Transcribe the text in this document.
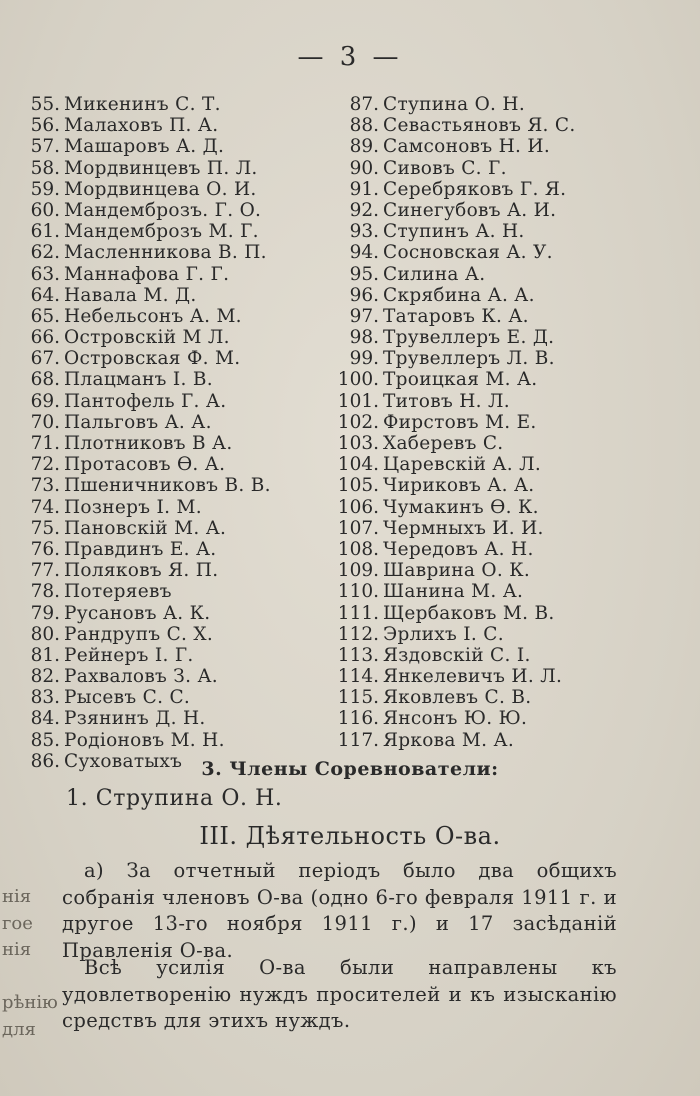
— 3 —
55. Микенинъ С. Т.
56. Малаховъ П. А.
57. Машаровъ А. Д.
58. Мордвинцевъ П. Л.
59. Мордвинцева О. И.
60. Мандемброзъ. Г. О.
61. Мандемброзъ М. Г.
62. Масленникова В. П.
63. Маннафова Г. Г.
64. Навала М. Д.
65. Небельсонъ А. М.
66. Островскій М Л.
67. Островская Ф. М.
68. Плацманъ І. В.
69. Пантофель Г. А.
70. Пальговъ А. А.
71. Плотниковъ В А.
72. Протасовъ Ѳ. А.
73. Пшеничниковъ В. В.
74. Познеръ І. М.
75. Пановскій М. А.
76. Правдинъ Е. А.
77. Поляковъ Я. П.
78. Потеряевъ
79. Русановъ А. К.
80. Рандрупъ С. Х.
81. Рейнеръ І. Г.
82. Рахваловъ З. А.
83. Рысевъ С. С.
84. Рзянинъ Д. Н.
85. Родіоновъ М. Н.
86. Суховатыхъ
87. Ступина О. Н.
88. Севастьяновъ Я. С.
89. Самсоновъ Н. И.
90. Сивовъ С. Г.
91. Серебряковъ Г. Я.
92. Синегубовъ А. И.
93. Ступинъ А. Н.
94. Сосновская А. У.
95. Силина А.
96. Скрябина А. А.
97. Татаровъ К. А.
98. Трувеллеръ Е. Д.
99. Трувеллеръ Л. В.
100. Троицкая М. А.
101. Титовъ Н. Л.
102. Фирстовъ М. Е.
103. Хаберевъ С.
104. Царевскій А. Л.
105. Чириковъ А. А.
106. Чумакинъ Ѳ. К.
107. Чермныхъ И. И.
108. Чередовъ А. Н.
109. Шаврина О. К.
110. Шанина М. А.
111. Щербаковъ М. В.
112. Эрлихъ І. С.
113. Яздовскій С. І.
114. Янкелевичъ И. Л.
115. Яковлевъ С. В.
116. Янсонъ Ю. Ю.
117. Яркова М. А.
3. Члены Соревнователи:
1. Струпина О. Н.
III. Дѣятельность О-ва.

а) За отчетный періодъ было два общихъ собранія членовъ О-ва (одно 6-го февраля 1911 г. и другое 13-го ноября 1911 г.) и 17 засѣданій Правленія О-ва.

Всѣ усилія О-ва были направлены къ удовлетворенію нуждъ просителей и къ изысканію средствъ для этихъ нуждъ.

нія
гое
нія
рѣнію
для
